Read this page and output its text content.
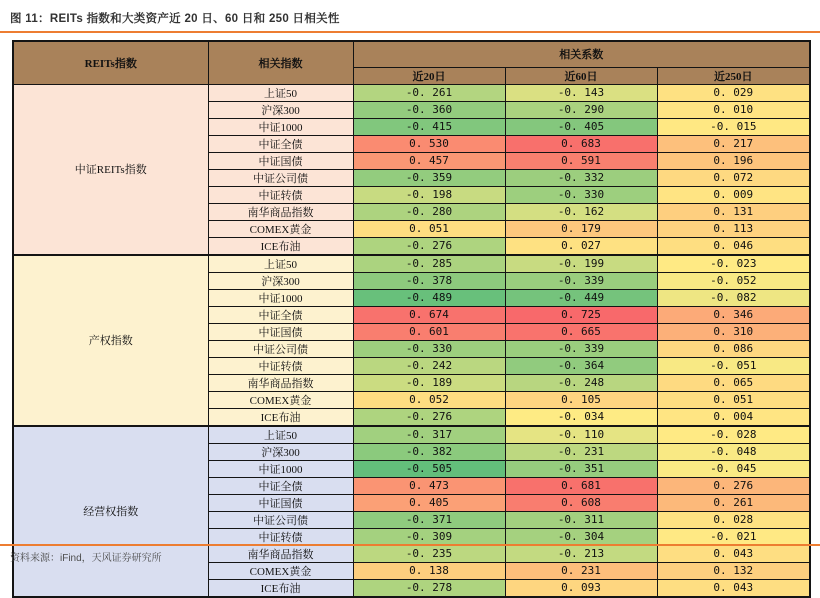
图 11：REITs 指数和大类资产近 20 日、60 日和 250 日相关性
REITs指数	相关指数	相关系数		
		近20日	近60日	近250日
中证REITs指数	上证50	-0. 261	-0. 143	0. 029
	沪深300	-0. 360	-0. 290	0. 010
	中证1000	-0. 415	-0. 405	-0. 015
	中证全债	0. 530	0. 683	0. 217
	中证国债	0. 457	0. 591	0. 196
	中证公司债	-0. 359	-0. 332	0. 072
	中证转债	-0. 198	-0. 330	0. 009
	南华商品指数	-0. 280	-0. 162	0. 131
	COMEX黄金	0. 051	0. 179	0. 113
	ICE布油	-0. 276	0. 027	0. 046
产权指数	上证50	-0. 285	-0. 199	-0. 023
	沪深300	-0. 378	-0. 339	-0. 052
	中证1000	-0. 489	-0. 449	-0. 082
	中证全债	0. 674	0. 725	0. 346
	中证国债	0. 601	0. 665	0. 310
	中证公司债	-0. 330	-0. 339	0. 086
	中证转债	-0. 242	-0. 364	-0. 051
	南华商品指数	-0. 189	-0. 248	0. 065
	COMEX黄金	0. 052	0. 105	0. 051
	ICE布油	-0. 276	-0. 034	0. 004
经营权指数	上证50	-0. 317	-0. 110	-0. 028
	沪深300	-0. 382	-0. 231	-0. 048
	中证1000	-0. 505	-0. 351	-0. 045
	中证全债	0. 473	0. 681	0. 276
	中证国债	0. 405	0. 608	0. 261
	中证公司债	-0. 371	-0. 311	0. 028
	中证转债	-0. 309	-0. 304	-0. 021
	南华商品指数	-0. 235	-0. 213	0. 043
	COMEX黄金	0. 138	0. 231	0. 132
	ICE布油	-0. 278	0. 093	0. 043
资料来源：iFind，天风证券研究所
